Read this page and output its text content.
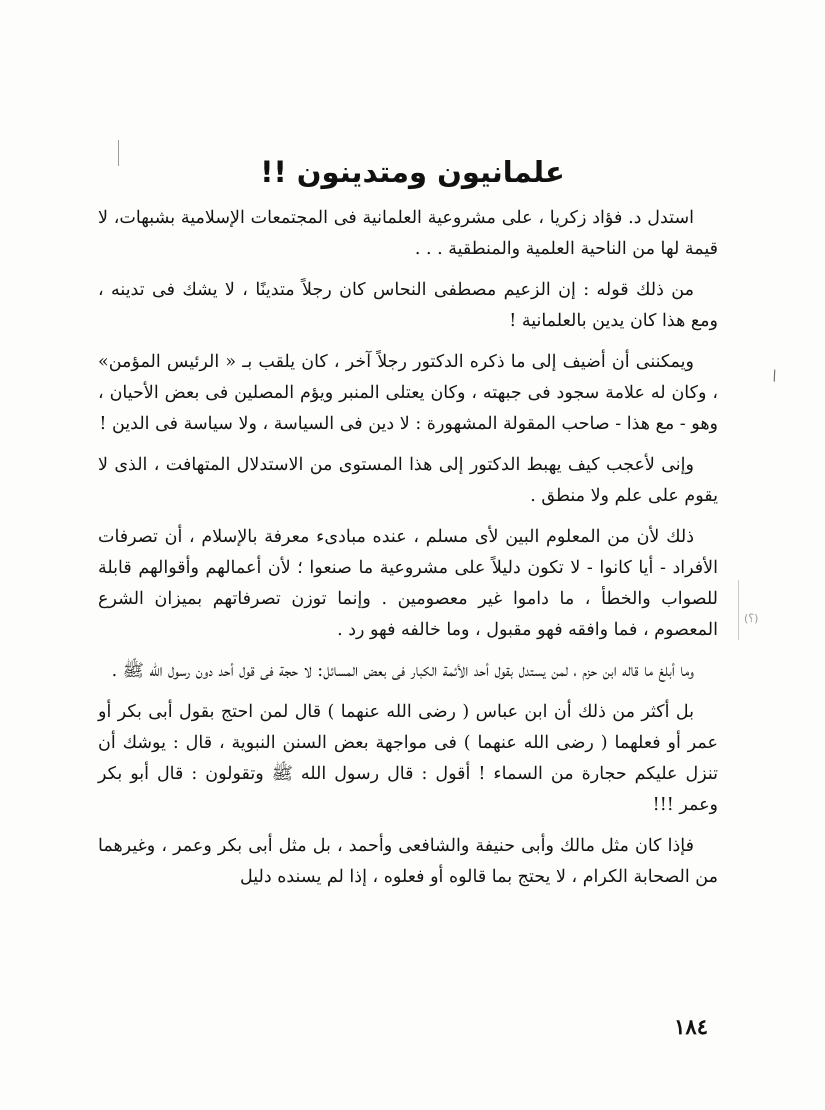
\
(؟)
علمانيون ومتدينون !!

استدل د. فؤاد زكريا ، على مشروعية العلمانية فى المجتمعات الإسلامية بشبهات، لا قيمة لها من الناحية العلمية والمنطقية . . .

من ذلك قوله : إن الزعيم مصطفى النحاس كان رجلاً متدينًا ، لا يشك فى تدينه ، ومع هذا كان يدين بالعلمانية !

ويمكننى أن أضيف إلى ما ذكره الدكتور رجلاً آخر ، كان يلقب بـ « الرئيس المؤمن» ، وكان له علامة سجود فى جبهته ، وكان يعتلى المنبر ويؤم المصلين فى بعض الأحيان ، وهو - مع هذا - صاحب المقولة المشهورة : لا دين فى السياسة ، ولا سياسة فى الدين !

وإنى لأعجب كيف يهبط الدكتور إلى هذا المستوى من الاستدلال المتهافت ، الذى لا يقوم على علم ولا منطق .

ذلك لأن من المعلوم البين لأى مسلم ، عنده مبادىء معرفة بالإسلام ، أن تصرفات الأفراد - أيا كانوا - لا تكون دليلاً على مشروعية ما صنعوا ؛ لأن أعمالهم وأقوالهم قابلة للصواب والخطأ ، ما داموا غير معصومين . وإنما توزن تصرفاتهم بميزان الشرع المعصوم ، فما وافقه فهو مقبول ، وما خالفه فهو رد .

وما أبلغ ما قاله ابن حزم ، لمن يستدل بقول أحد الأئمة الكبار فى بعض المسائل: لا حجة فى قول أحد دون رسول الله ﷺ .

بل أكثر من ذلك أن ابن عباس ( رضى الله عنهما ) قال لمن احتج بقول أبى بكر أو عمر أو فعلهما ( رضى الله عنهما ) فى مواجهة بعض السنن النبوية ، قال : يوشك أن تنزل عليكم حجارة من السماء ! أقول : قال رسول الله ﷺ وتقولون : قال أبو بكر وعمر !!!

فإذا كان مثل مالك وأبى حنيفة والشافعى وأحمد ، بل مثل أبى بكر وعمر ، وغيرهما من الصحابة الكرام ، لا يحتج بما قالوه أو فعلوه ، إذا لم يسنده دليل

١٨٤
